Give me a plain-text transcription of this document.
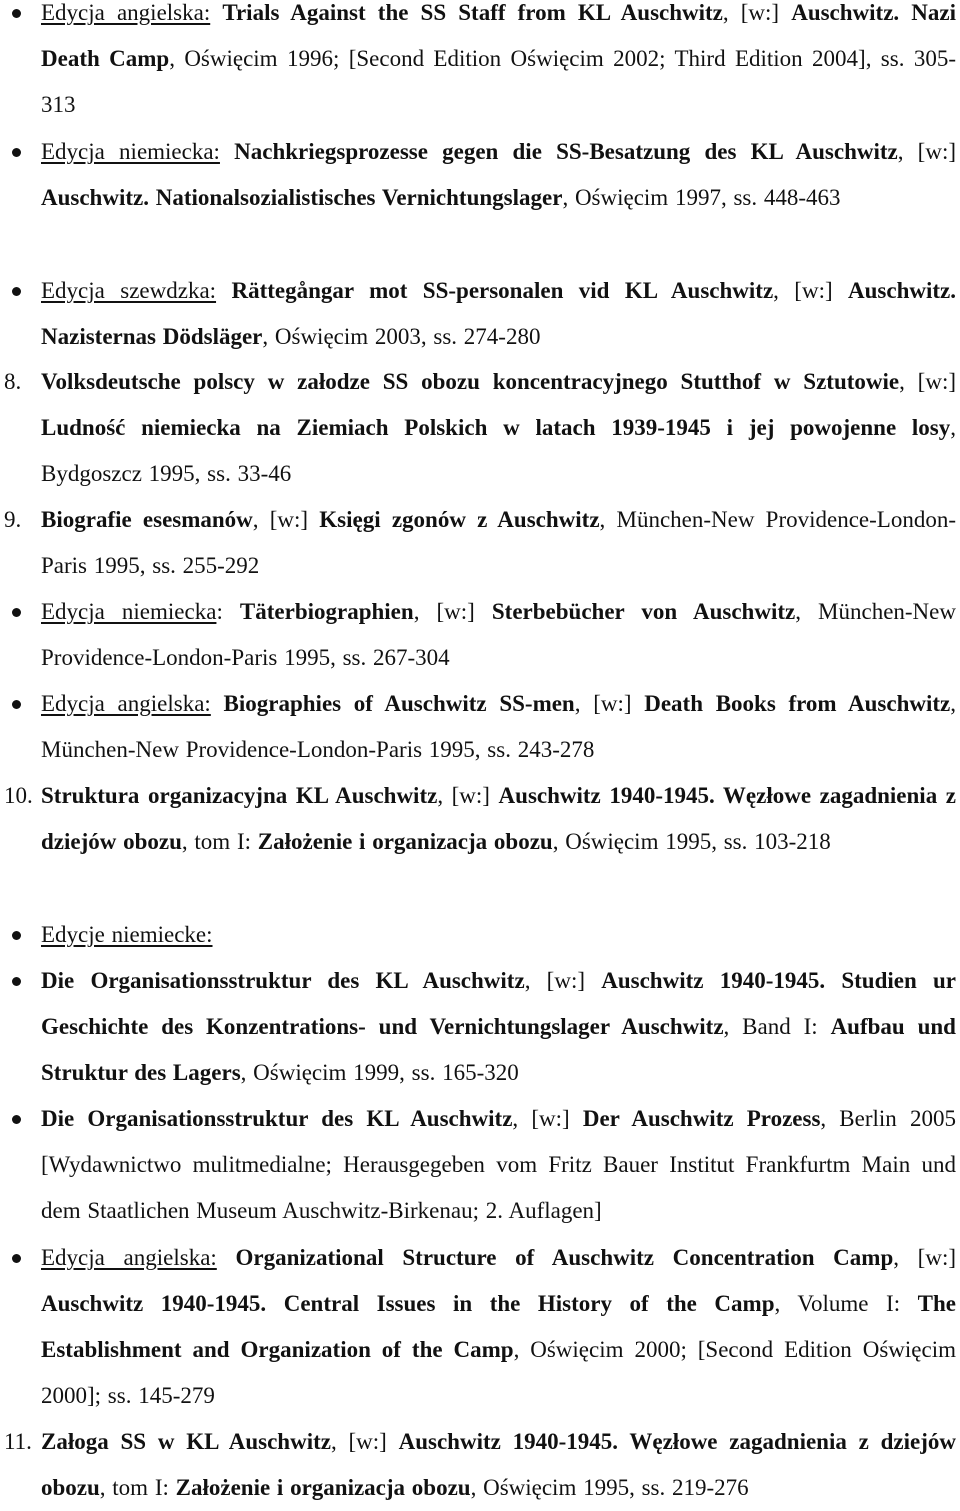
Edycja angielska: Trials Against the SS Staff from KL Auschwitz, [w:] Auschwitz. Nazi Death Camp, Oświęcim 1996; [Second Edition Oświęcim 2002; Third Edition 2004], ss. 305-313
Edycja niemiecka: Nachkriegsprozesse gegen die SS-Besatzung des KL Auschwitz, [w:] Auschwitz. Nationalsozialistisches Vernichtungslager, Oświęcim 1997, ss. 448-463
Edycja szewdzka: Rättegångar mot SS-personalen vid KL Auschwitz, [w:] Auschwitz. Nazisternas Dödsläger, Oświęcim 2003, ss. 274-280
8. Volksdeutsche polscy w załodze SS obozu koncentracyjnego Stutthof w Sztutowie, [w:] Ludność niemiecka na Ziemiach Polskich w latach 1939-1945 i jej powojenne losy, Bydgoszcz 1995, ss. 33-46
9. Biografie esesmanów, [w:] Księgi zgonów z Auschwitz, München-New Providence-London-Paris 1995, ss. 255-292
Edycja niemiecka: Täterbiographien, [w:] Sterbebücher von Auschwitz, München-New Providence-London-Paris 1995, ss. 267-304
Edycja angielska: Biographies of Auschwitz SS-men, [w:] Death Books from Auschwitz, München-New Providence-London-Paris 1995, ss. 243-278
10. Struktura organizacyjna KL Auschwitz, [w:] Auschwitz 1940-1945. Węzłowe zagadnienia z dziejów obozu, tom I: Założenie i organizacja obozu, Oświęcim 1995, ss. 103-218
Edycje niemiecke:
Die Organisationsstruktur des KL Auschwitz, [w:] Auschwitz 1940-1945. Studien ur Geschichte des Konzentrations- und Vernichtungslager Auschwitz, Band I: Aufbau und Struktur des Lagers, Oświęcim 1999, ss. 165-320
Die Organisationsstruktur des KL Auschwitz, [w:] Der Auschwitz Prozess, Berlin 2005 [Wydawnictwo mulitmedialne; Herausgegeben vom Fritz Bauer Institut Frankfurtm Main und dem Staatlichen Museum Auschwitz-Birkenau; 2. Auflagen]
Edycja angielska: Organizational Structure of Auschwitz Concentration Camp, [w:] Auschwitz 1940-1945. Central Issues in the History of the Camp, Volume I: The Establishment and Organization of the Camp, Oświęcim 2000; [Second Edition Oświęcim 2000]; ss. 145-279
11. Załoga SS w KL Auschwitz, [w:] Auschwitz 1940-1945. Węzłowe zagadnienia z dziejów obozu, tom I: Założenie i organizacja obozu, Oświęcim 1995, ss. 219-276
